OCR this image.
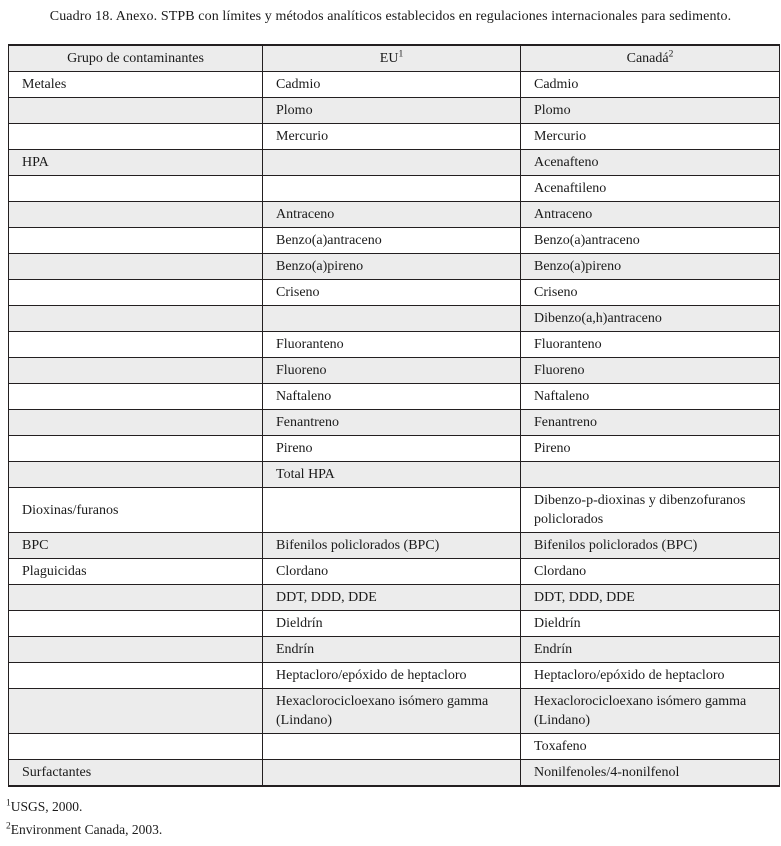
Cuadro 18. Anexo. STPB con límites y métodos analíticos establecidos en regulaciones internacionales para sedimento.
Grupo de contaminantes	$EU^1$	Canadá$^2$
Metales	Cadmio	Cadmio
	Plomo	Plomo
	Mercurio	Mercurio
HPA		Acenafteno
		Acenaftileno
	Antraceno	Antraceno
	Benzo(a)antraceno	Benzo(a)antraceno
	Benzo(a)pireno	Benzo(a)pireno
	Criseno	Criseno
		Dibenzo(a,h)antraceno
	Fluoranteno	Fluoranteno
	Fluoreno	Fluoreno
	Naftaleno	Naftaleno
	Fenantreno	Fenantreno
	Pireno	Pireno
	Total HPA	
Dioxinas/furanos		Dibenzo-p-dioxinas y dibenzofuranos policlorados
BPC	Bifenilos policlorados (BPC)	Bifenilos policlorados (BPC)
Plaguicidas	Clordano	Clordano
	DDT, DDD, DDE	DDT, DDD, DDE
	Dieldrín	Dieldrín
	Endrín	Endrín
	Heptacloro/epóxido de heptacloro	Heptacloro/epóxido de heptacloro
	Hexaclorocicloexano isómero gamma (Lindano)	Hexaclorocicloexano isómero gamma (Lindano)
		Toxafeno
Surfactantes		Nonilfenoles/4-nonilfenol
$^1$USGS, 2000.
$^2$Environment Canada, 2003.
